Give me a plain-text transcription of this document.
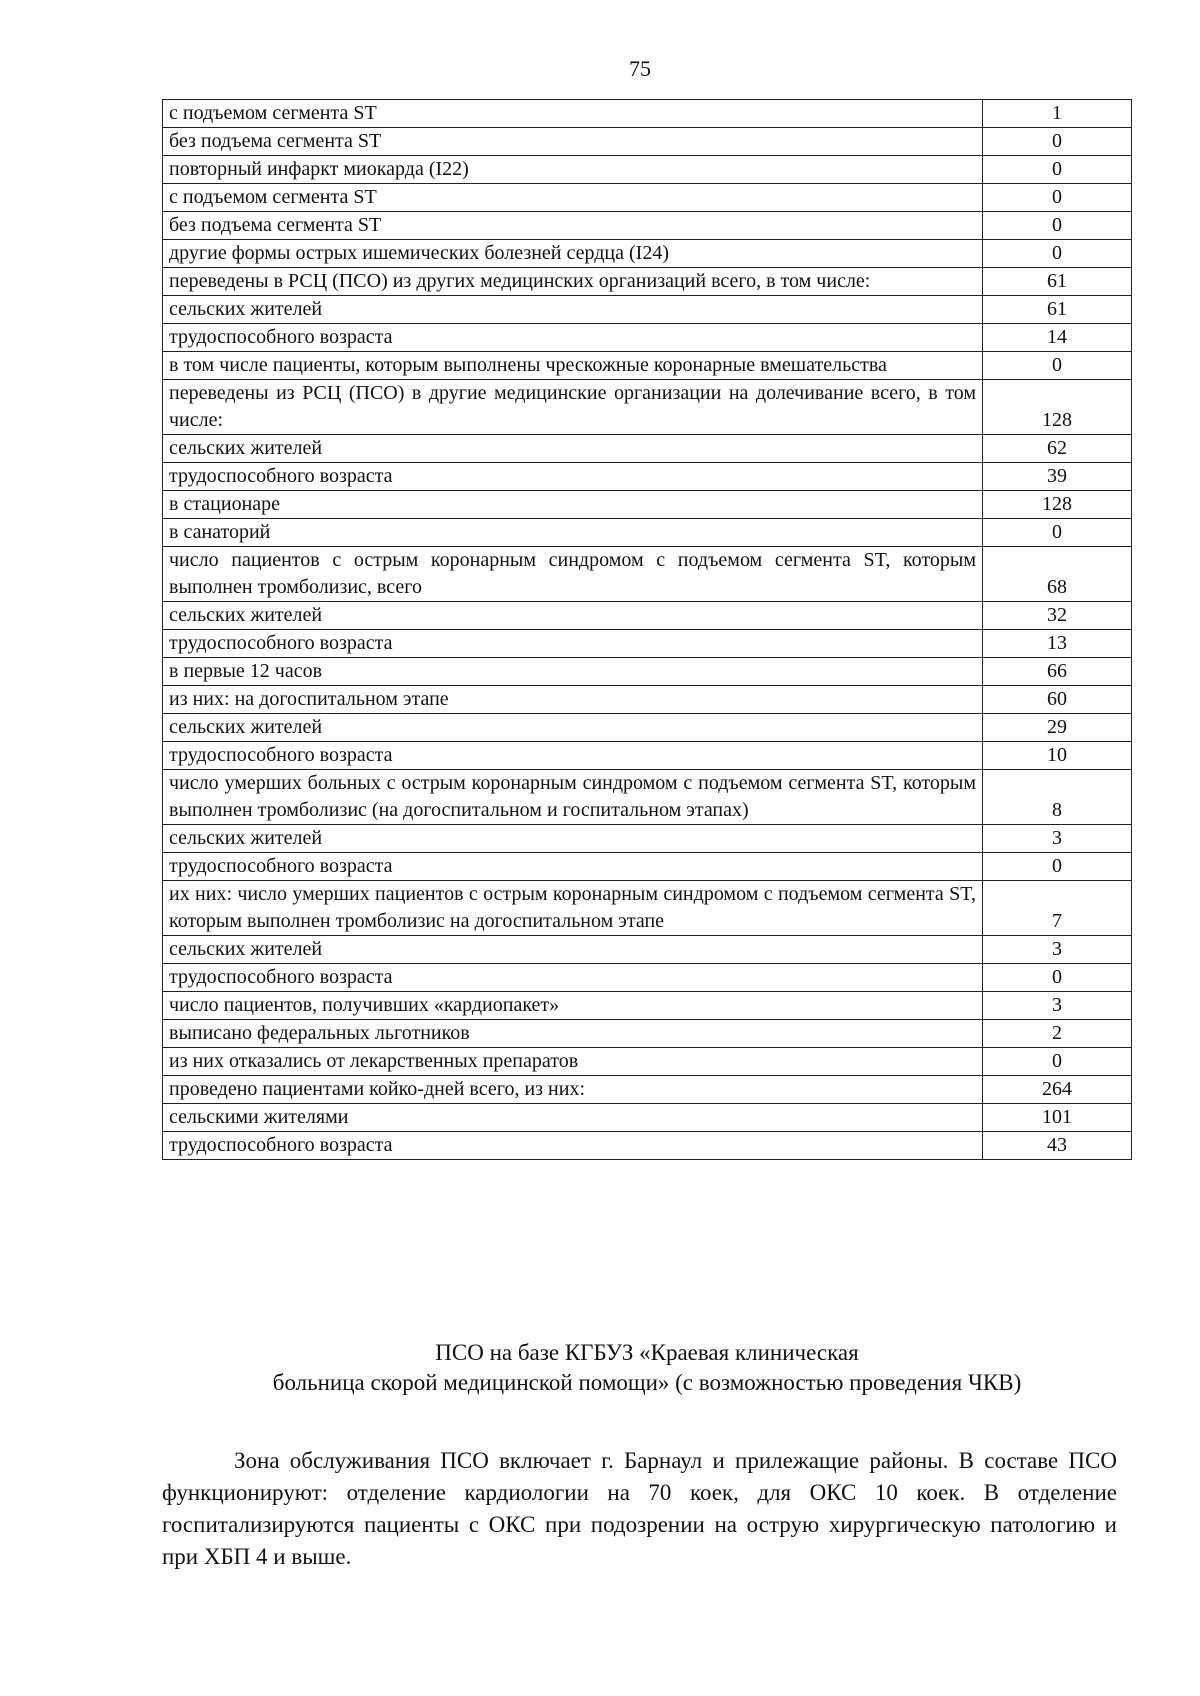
75
с подъемом сегмента ST	1
без подъема сегмента ST	0
повторный инфаркт миокарда (I22)	0
с подъемом сегмента ST	0
без подъема сегмента ST	0
другие формы острых ишемических болезней сердца (I24)	0
переведены в РСЦ (ПСО) из других медицинских организаций всего, в том числе:	61
сельских жителей	61
трудоспособного возраста	14
в том числе пациенты, которым выполнены чрескожные коронарные вмешательства	0
переведены из РСЦ (ПСО) в другие медицинские организации на долечивание всего, в том числе:	128
сельских жителей	62
трудоспособного возраста	39
в стационаре	128
в санаторий	0
число пациентов с острым коронарным синдромом с подъемом сегмента ST, которым выполнен тромболизис, всего	68
сельских жителей	32
трудоспособного возраста	13
в первые 12 часов	66
из них: на догоспитальном этапе	60
сельских жителей	29
трудоспособного возраста	10
число умерших больных с острым коронарным синдромом с подъемом сегмента ST, которым выполнен тромболизис (на догоспитальном и госпитальном этапах)	8
сельских жителей	3
трудоспособного возраста	0
их них: число умерших пациентов с острым коронарным синдромом с подъемом сегмента ST, которым выполнен тромболизис на догоспитальном этапе	7
сельских жителей	3
трудоспособного возраста	0
число пациентов, получивших «кардиопакет»	3
выписано федеральных льготников	2
из них отказались от лекарственных препаратов	0
проведено пациентами койко-дней всего, из них:	264
сельскими жителями	101
трудоспособного возраста	43
ПСО на базе КГБУЗ «Краевая клиническая
больница скорой медицинской помощи» (с возможностью проведения ЧКВ)

Зона обслуживания ПСО включает г. Барнаул и прилежащие районы. В составе ПСО функционируют: отделение кардиологии на 70 коек, для ОКС 10 коек. В отделение госпитализируются пациенты с ОКС при подозрении на острую хирургическую патологию и при ХБП 4 и выше.
